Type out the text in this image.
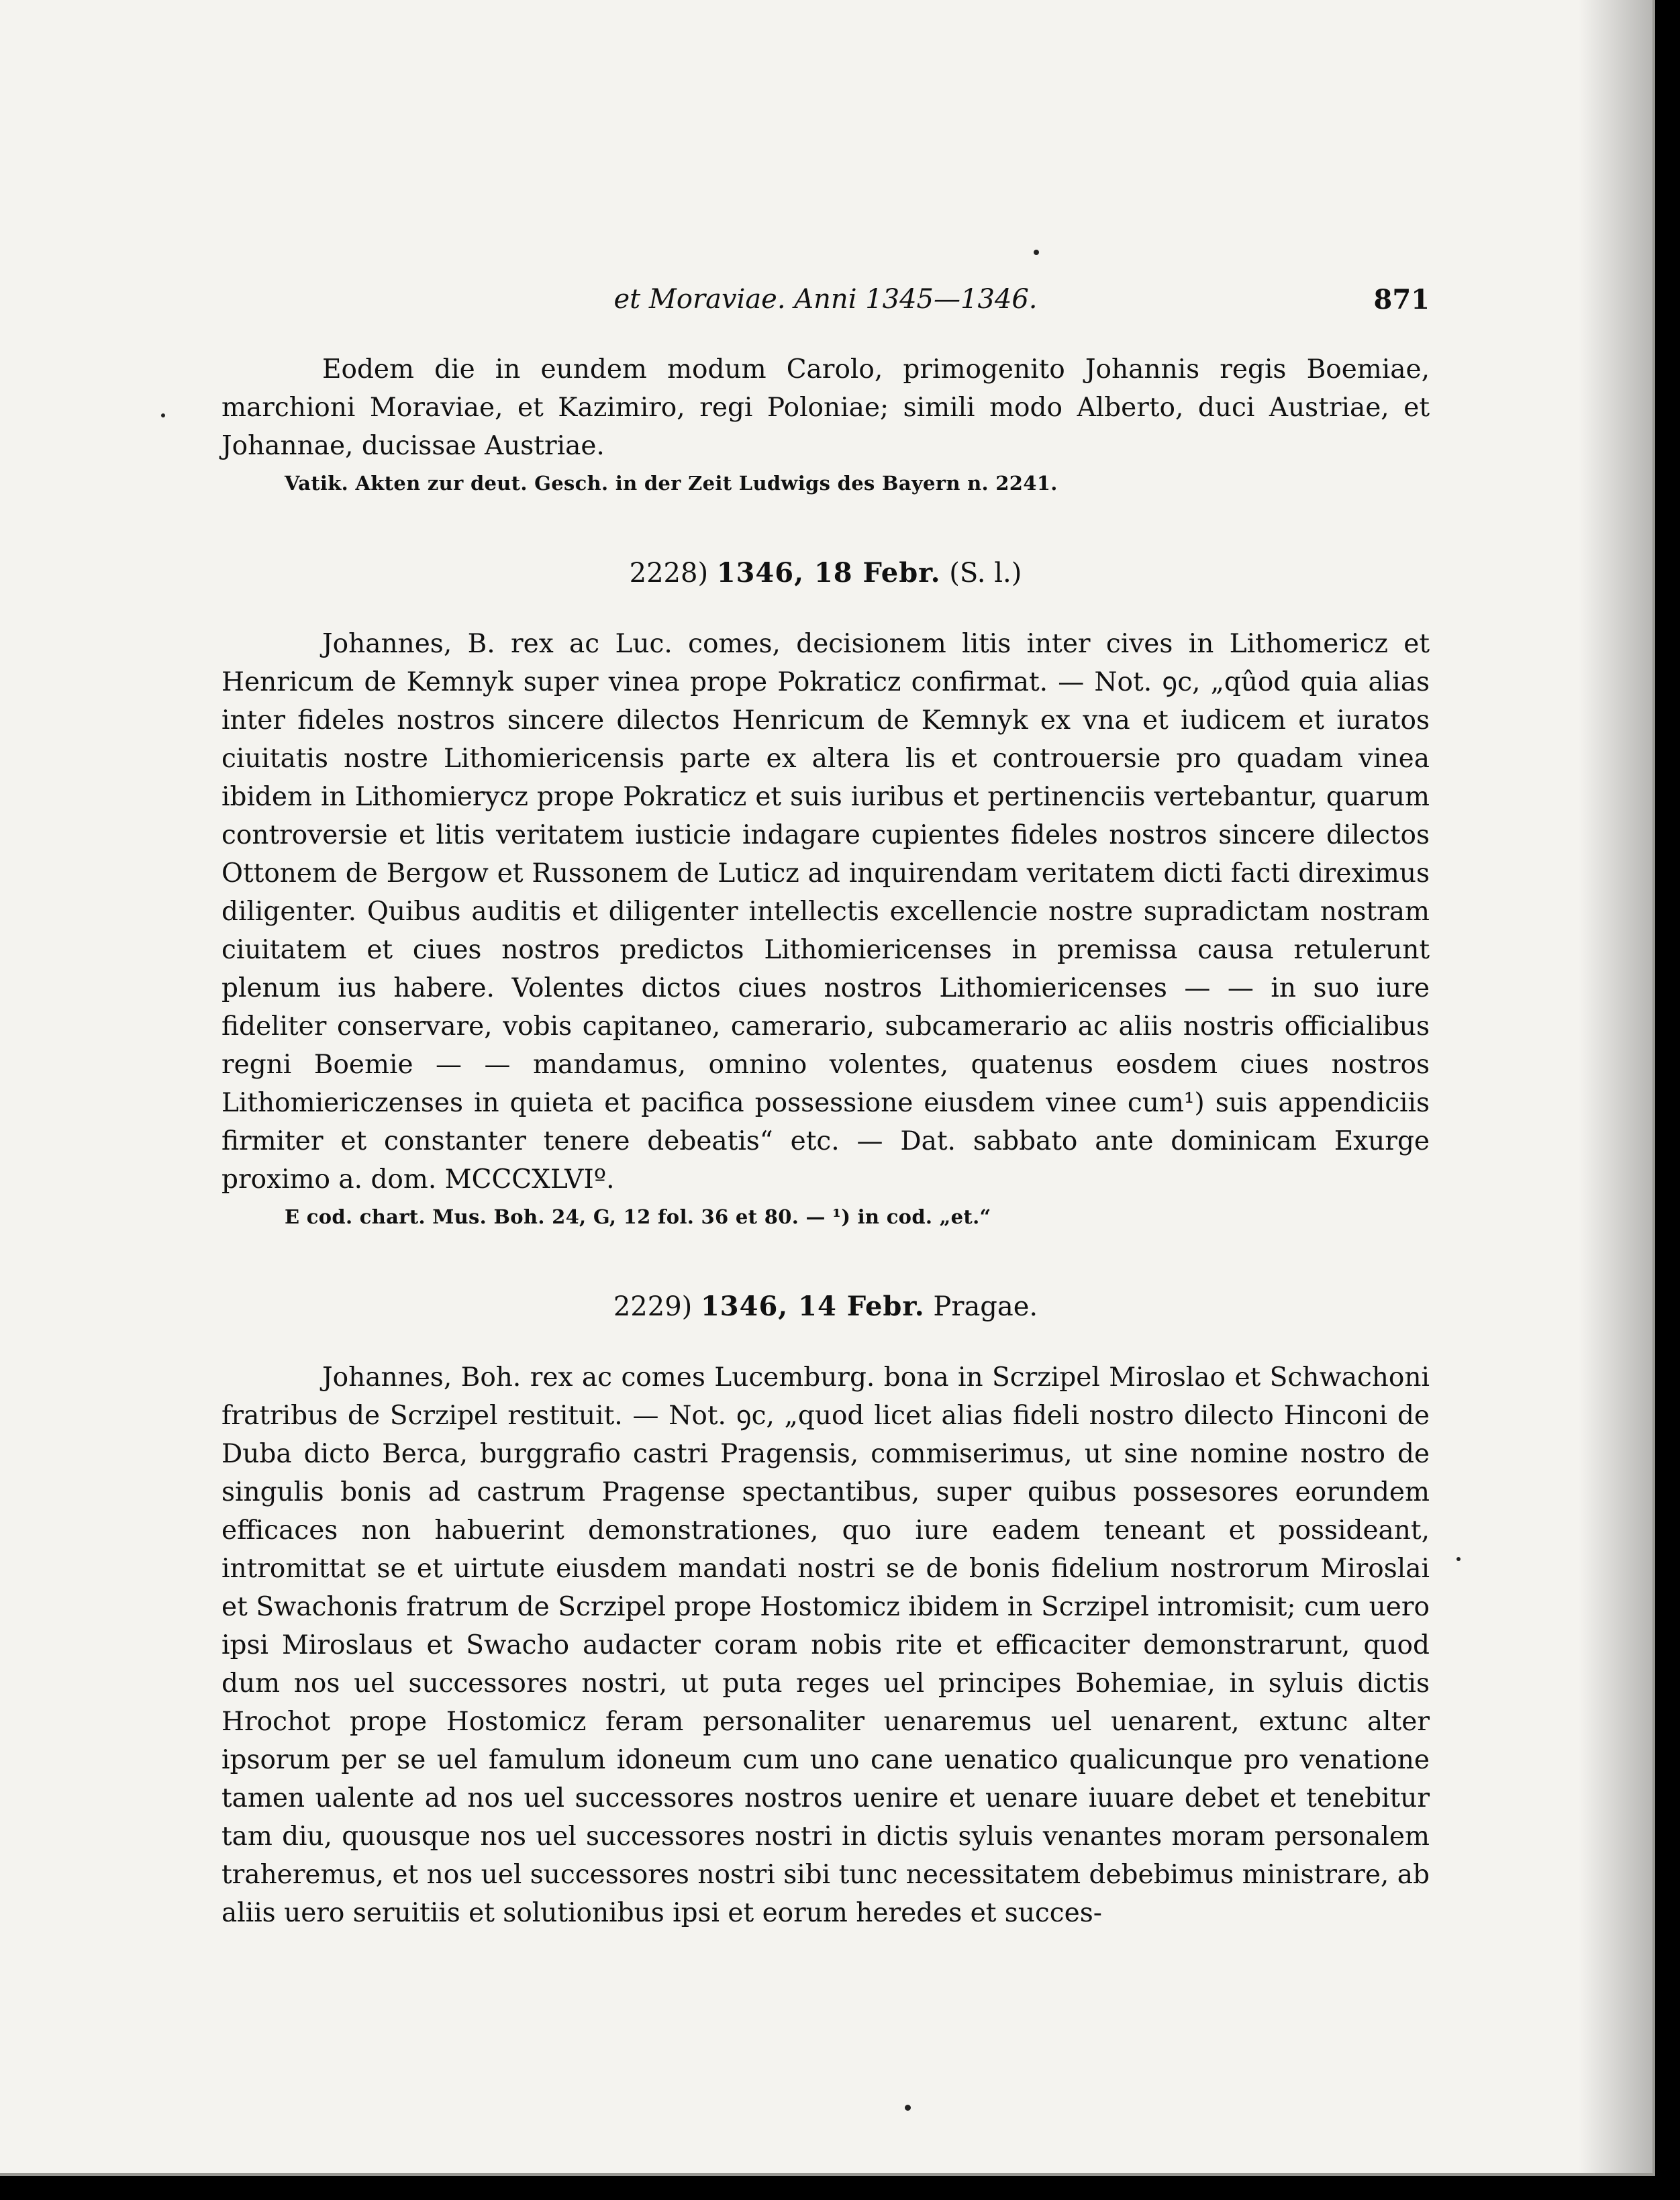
et Moraviae. Anni 1345—1346.	871

Eodem die in eundem modum Carolo, primogenito Johannis regis Boemiae, marchioni Moraviae, et Kazimiro, regi Poloniae; simili modo Alberto, duci Austriae, et Johannae, ducissae Austriae.

Vatik. Akten zur deut. Gesch. in der Zeit Ludwigs des Bayern n. 2241.
2228) 1346, 18 Febr. (S. l.)

Johannes, B. rex ac Luc. comes, decisionem litis inter cives in Lithomericz et Henricum de Kemnyk super vinea prope Pokraticz confirmat. — Not. ꝯc, „qûod quia alias inter fideles nostros sincere dilectos Henricum de Kemnyk ex vna et iudicem et iuratos ciuitatis nostre Lithomiericensis parte ex altera lis et controuersie pro quadam vinea ibidem in Lithomierycz prope Pokraticz et suis iuribus et pertinenciis vertebantur, quarum controversie et litis veritatem iusticie indagare cupientes fideles nostros sincere dilectos Ottonem de Bergow et Russonem de Luticz ad inquirendam veritatem dicti facti direximus diligenter. Quibus auditis et diligenter intellectis excellencie nostre supradictam nostram ciuitatem et ciues nostros predictos Lithomiericenses in premissa causa retulerunt plenum ius habere. Volentes dictos ciues nostros Lithomiericenses — — in suo iure fideliter conservare, vobis capitaneo, camerario, subcamerario ac aliis nostris officialibus regni Boemie — — mandamus, omnino volentes, quatenus eosdem ciues nostros Lithomiericzenses in quieta et pacifica possessione eiusdem vinee cum¹) suis appendiciis firmiter et constanter tenere debeatis“ etc. — Dat. sabbato ante dominicam Exurge proximo a. dom. MCCCXLVIº.

E cod. chart. Mus. Boh. 24, G, 12 fol. 36 et 80. — ¹) in cod. „et.“
2229) 1346, 14 Febr. Pragae.

Johannes, Boh. rex ac comes Lucemburg. bona in Scrzipel Miroslao et Schwachoni fratribus de Scrzipel restituit. — Not. ꝯc, „quod licet alias fideli nostro dilecto Hinconi de Duba dicto Berca, burggrafio castri Pragensis, commiserimus, ut sine nomine nostro de singulis bonis ad castrum Pragense spectantibus, super quibus possesores eorundem efficaces non habuerint demonstrationes, quo iure eadem teneant et possideant, intromittat se et uirtute eiusdem mandati nostri se de bonis fidelium nostrorum Miroslai et Swachonis fratrum de Scrzipel prope Hostomicz ibidem in Scrzipel intromisit; cum uero ipsi Miroslaus et Swacho audacter coram nobis rite et efficaciter demonstrarunt, quod dum nos uel successores nostri, ut puta reges uel principes Bohemiae, in syluis dictis Hrochot prope Hostomicz feram personaliter uenaremus uel uenarent, extunc alter ipsorum per se uel famulum idoneum cum uno cane uenatico qualicunque pro venatione tamen ualente ad nos uel successores nostros uenire et uenare iuuare debet et tenebitur tam diu, quousque nos uel successores nostri in dictis syluis venantes moram personalem traheremus, et nos uel successores nostri sibi tunc necessitatem debebimus ministrare, ab aliis uero seruitiis et solutionibus ipsi et eorum heredes et succes-
